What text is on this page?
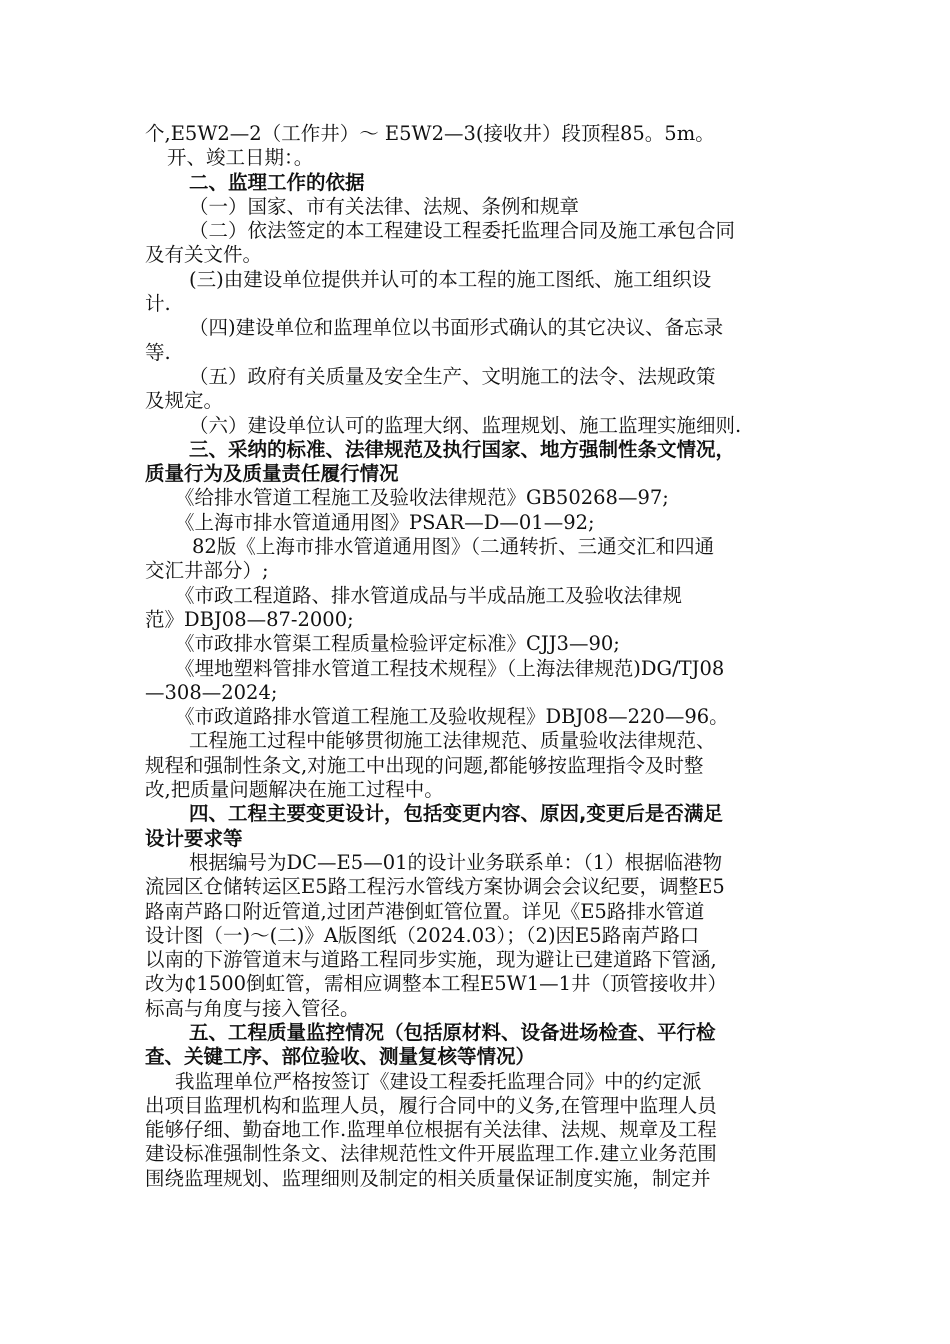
个,E5W2—2（工作井）～ E5W2—3(接收井）段顶程85。5m。
开、竣工日期：。
二、监理工作的依据
（一）国家、市有关法律、法规、条例和规章
（二）依法签定的本工程建设工程委托监理合同及施工承包合同
及有关文件。
(三)由建设单位提供并认可的本工程的施工图纸、施工组织设
计.
（四)建设单位和监理单位以书面形式确认的其它决议、备忘录
等.
（五）政府有关质量及安全生产、文明施工的法令、法规政策
及规定。
（六）建设单位认可的监理大纲、监理规划、施工监理实施细则.
三、采纳的标准、法律规范及执行国家、地方强制性条文情况，
质量行为及质量责任履行情况
《给排水管道工程施工及验收法律规范》GB50268—97;
《上海市排水管道通用图》PSAR—D—01—92;
82版《上海市排水管道通用图》（二通转折、三通交汇和四通
交汇井部分）;
《市政工程道路、排水管道成品与半成品施工及验收法律规
范》DBJ08—87-2000;
《市政排水管渠工程质量检验评定标准》CJJ3—90;
《埋地塑料管排水管道工程技术规程》（上海法律规范)DG/TJ08
—308—2024;
《市政道路排水管道工程施工及验收规程》DBJ08—220—96。
工程施工过程中能够贯彻施工法律规范、质量验收法律规范、
规程和强制性条文,对施工中出现的问题,都能够按监理指令及时整
改,把质量问题解决在施工过程中。
四、工程主要变更设计，包括变更内容、原因,变更后是否满足
设计要求等
根据编号为DC—E5—01的设计业务联系单：（1）根据临港物
流园区仓储转运区E5路工程污水管线方案协调会会议纪要，调整E5
路南芦路口附近管道,过团芦港倒虹管位置。详见《E5路排水管道
设计图（一)～(二)》A版图纸（2024.03）；（2)因E5路南芦路口
以南的下游管道末与道路工程同步实施，现为避让已建道路下管涵,
改为₵1500倒虹管，需相应调整本工程E5W1—1井（顶管接收井）
标高与角度与接入管径。
五、工程质量监控情况（包括原材料、设备进场检查、平行检
查、关键工序、部位验收、测量复核等情况）
我监理单位严格按签订《建设工程委托监理合同》中的约定派
出项目监理机构和监理人员，履行合同中的义务,在管理中监理人员
能够仔细、勤奋地工作.监理单位根据有关法律、法规、规章及工程
建设标准强制性条文、法律规范性文件开展监理工作.建立业务范围
围绕监理规划、监理细则及制定的相关质量保证制度实施，制定并
